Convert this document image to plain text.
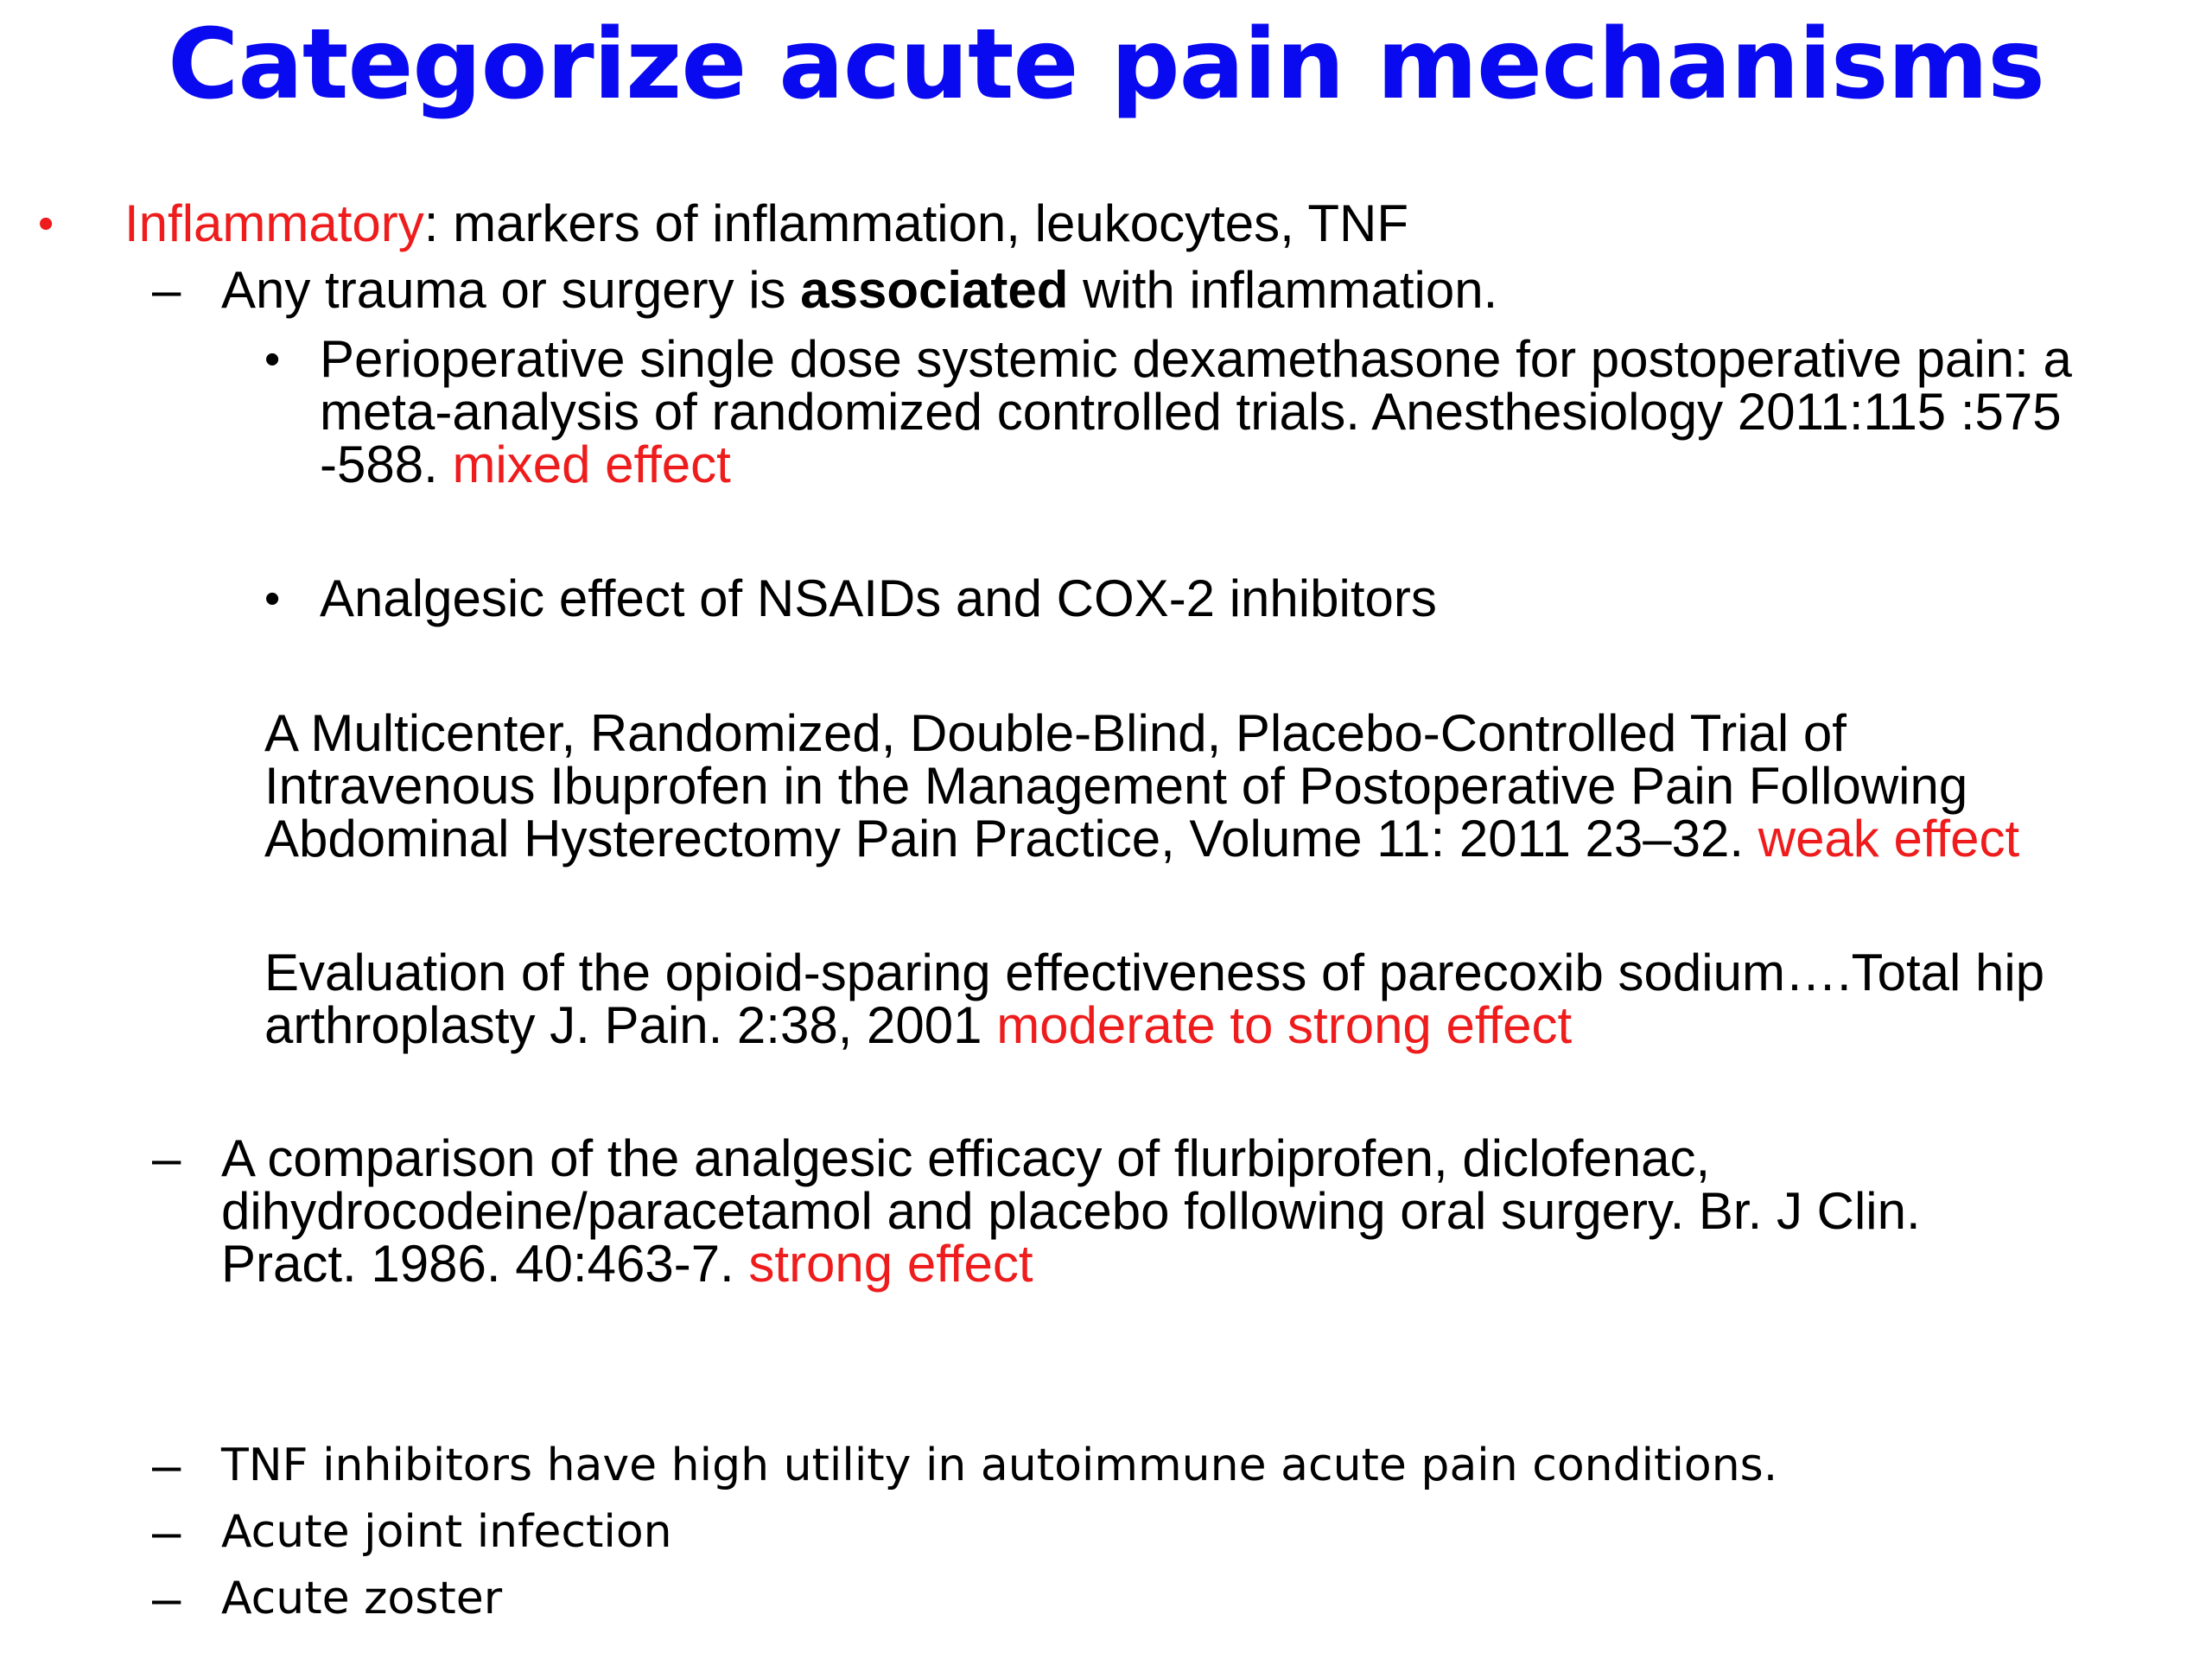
Categorize acute pain mechanisms
• Inflammatory: markers of inflammation, leukocytes, TNF
– Any trauma or surgery is associated with inflammation.
• Perioperative single dose systemic dexamethasone for postoperative pain: a
meta-analysis of randomized controlled trials. Anesthesiology 2011:115 :575
-588. mixed effect
• Analgesic effect of NSAIDs and COX-2 inhibitors
A Multicenter, Randomized, Double-Blind, Placebo-Controlled Trial of
Intravenous Ibuprofen in the Management of Postoperative Pain Following
Abdominal Hysterectomy Pain Practice, Volume 11: 2011 23–32. weak effect
Evaluation of the opioid-sparing effectiveness of parecoxib sodium….Total hip
arthroplasty J. Pain. 2:38, 2001 moderate to strong effect
– A comparison of the analgesic efficacy of flurbiprofen, diclofenac,
dihydrocodeine/paracetamol and placebo following oral surgery. Br. J Clin.
Pract. 1986. 40:463-7. strong effect
– TNF inhibitors have high utility in autoimmune acute pain conditions.
– Acute joint infection
– Acute zoster
